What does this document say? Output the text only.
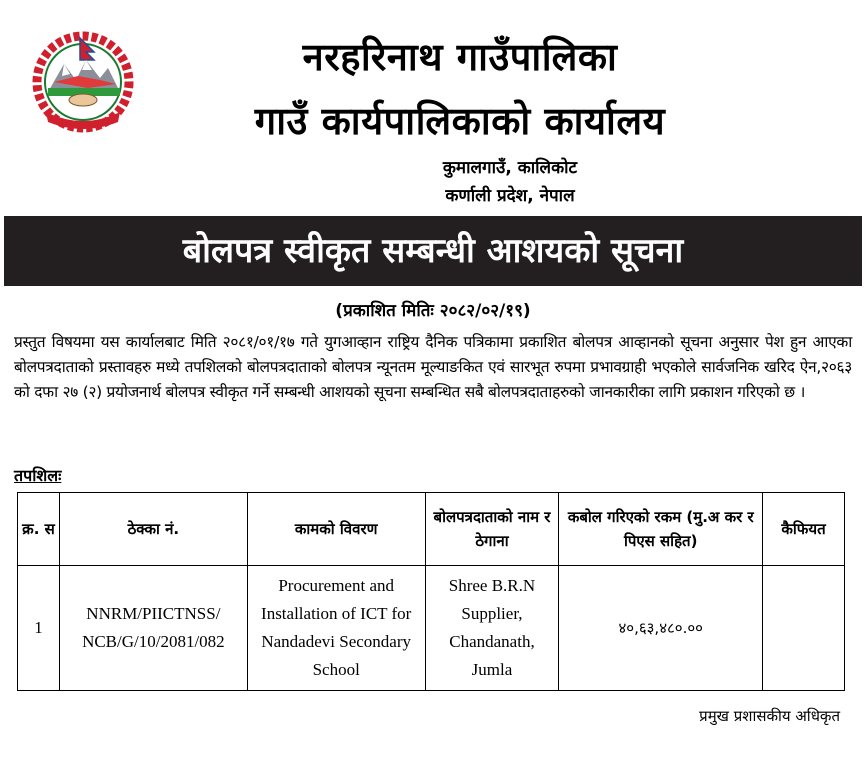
नरहरिनाथ गाउँपालिका
गाउँ कार्यपालिकाको कार्यालय
कुमालगाउँ, कालिकोट
कर्णाली प्रदेश, नेपाल
बोलपत्र स्वीकृत सम्बन्धी आशयको सूचना
(प्रकाशित मितिः २०८२/०२/१९)
प्रस्तुत विषयमा यस कार्यालबाट मिति २०८१/०१/१७ गते युगआव्हान राष्ट्रिय दैनिक पत्रिकामा प्रकाशित बोलपत्र आव्हानको सूचना अनुसार पेश हुन आएका बोलपत्रदाताको प्रस्तावहरु मध्ये तपशिलको बोलपत्रदाताको बोलपत्र न्यूनतम मूल्याङकित एवं सारभूत रुपमा प्रभावग्राही भएकोले सार्वजनिक खरिद ऐन,२०६३ को दफा २७ (२) प्रयोजनार्थ बोलपत्र स्वीकृत गर्ने सम्बन्धी आशयको सूचना सम्बन्धित सबै बोलपत्रदाताहरुको जानकारीका लागि प्रकाशन गरिएको छ ।
तपशिलः
क्र. स	ठेक्का नं.	कामको विवरण	बोलपत्रदाताको नाम र ठेगाना	कबोल गरिएको रकम (मु.अ कर र पिएस सहित)	कैफियत
1	NNRM/PIICTNSS/ NCB/G/10/2081/082	Procurement and Installation of ICT for Nandadevi Secondary School	Shree B.R.N Supplier, Chandanath, Jumla	४०,६३,४८०.००	
प्रमुख प्रशासकीय अधिकृत
